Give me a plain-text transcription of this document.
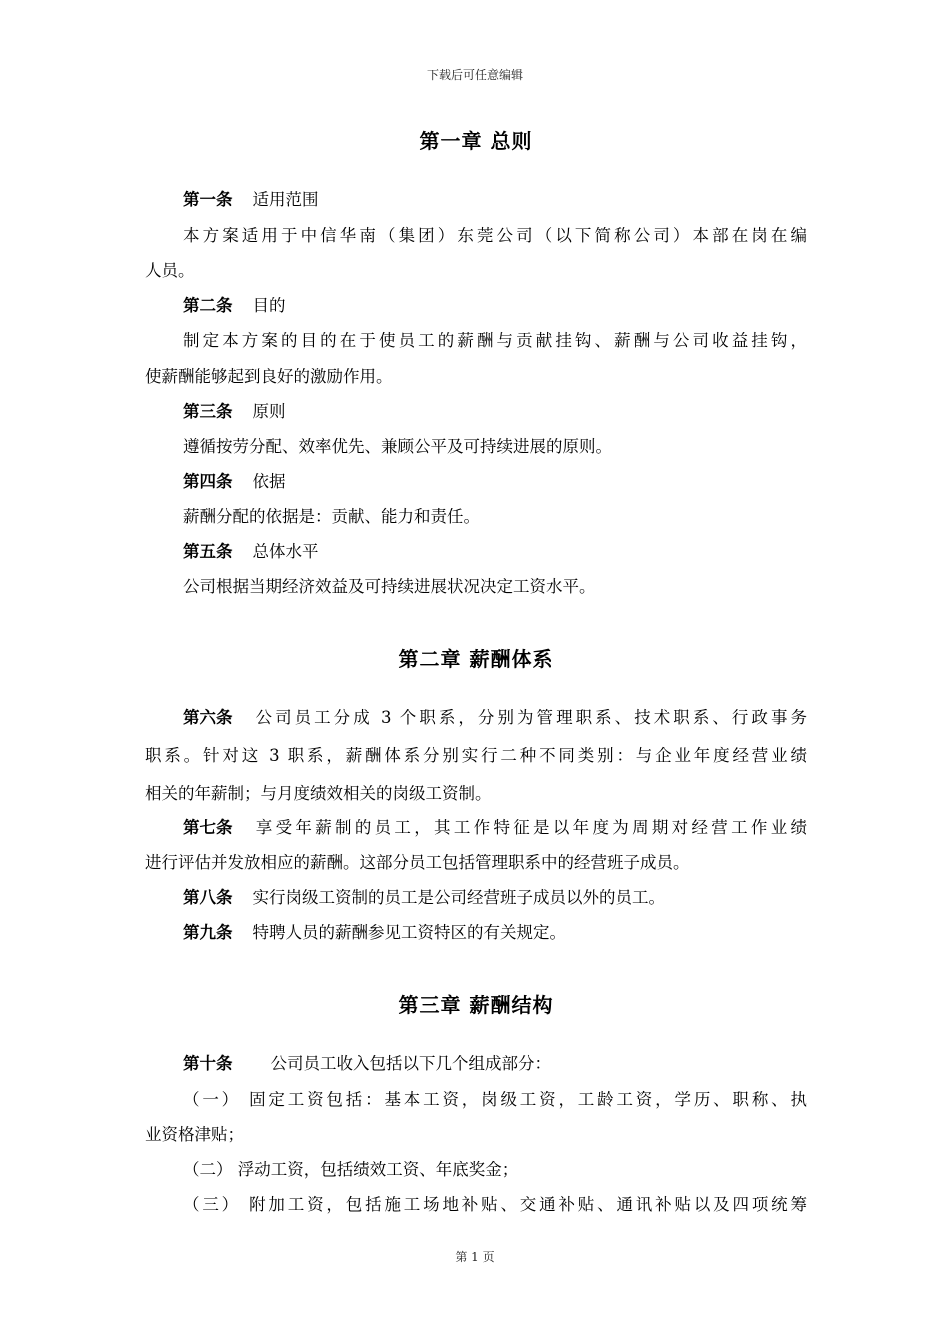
下载后可任意编辑
第一章 总则
第一条 适用范围
本方案适用于中信华南（集团）东莞公司（以下简称公司）本部在岗在编
人员。
第二条 目的
制定本方案的目的在于使员工的薪酬与贡献挂钩、薪酬与公司收益挂钩，
使薪酬能够起到良好的激励作用。
第三条 原则
遵循按劳分配、效率优先、兼顾公平及可持续进展的原则。
第四条 依据
薪酬分配的依据是：贡献、能力和责任。
第五条 总体水平
公司根据当期经济效益及可持续进展状况决定工资水平。
第二章 薪酬体系
第六条 公司员工分成 3 个职系，分别为管理职系、技术职系、行政事务
职系。针对这 3 职系，薪酬体系分别实行二种不同类别：与企业年度经营业绩
相关的年薪制；与月度绩效相关的岗级工资制。
第七条 享受年薪制的员工，其工作特征是以年度为周期对经营工作业绩
进行评估并发放相应的薪酬。这部分员工包括管理职系中的经营班子成员。
第八条 实行岗级工资制的员工是公司经营班子成员以外的员工。
第九条 特聘人员的薪酬参见工资特区的有关规定。
第三章 薪酬结构
第十条 公司员工收入包括以下几个组成部分：
（一） 固定工资包括：基本工资，岗级工资，工龄工资，学历、职称、执
业资格津贴；
（二） 浮动工资，包括绩效工资、年底奖金；
（三） 附加工资，包括施工场地补贴、交通补贴、通讯补贴以及四项统筹
第 1 页
